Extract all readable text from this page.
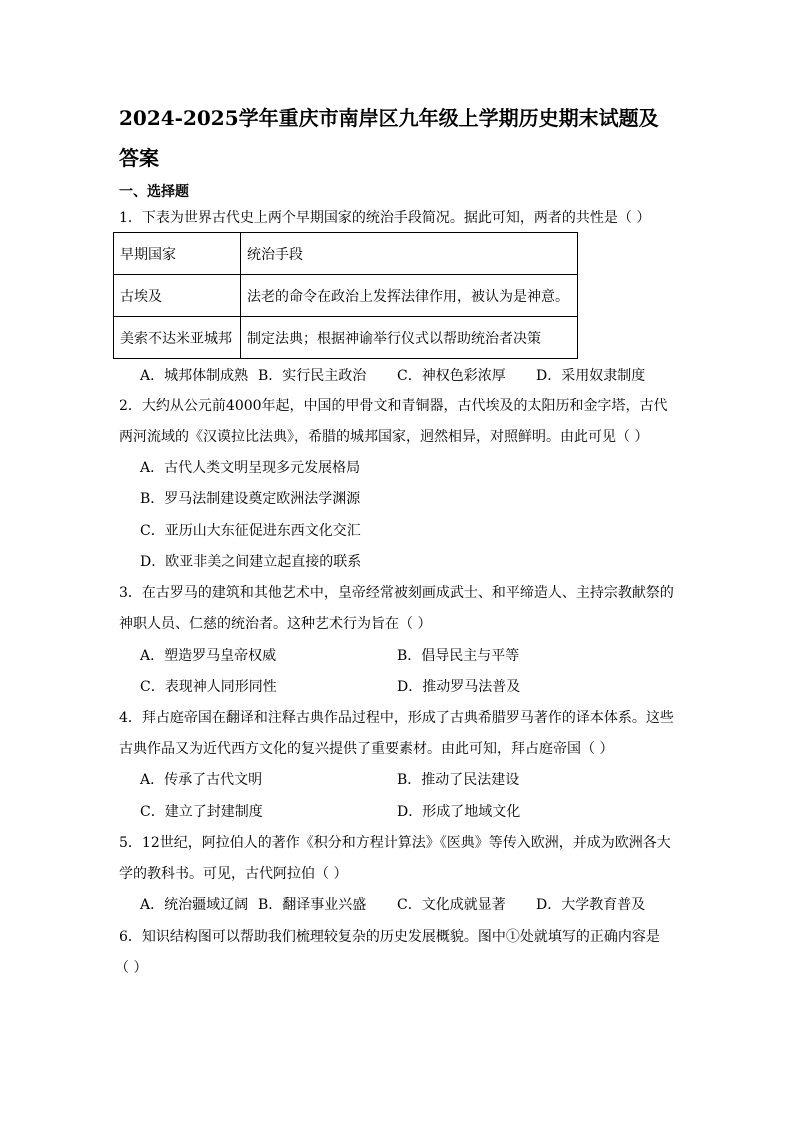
2024-2025学年重庆市南岸区九年级上学期历史期末试题及
答案
一、选择题
1．下表为世界古代史上两个早期国家的统治手段简况。据此可知，两者的共性是（ ）
早期国家	统治手段
古埃及	法老的命令在政治上发挥法律作用，被认为是神意。
美索不达米亚城邦	制定法典；根据神谕举行仪式以帮助统治者决策
A．城邦体制成熟 B．实行民主政治 C．神权色彩浓厚 D．采用奴隶制度
2．大约从公元前4000年起，中国的甲骨文和青铜器，古代埃及的太阳历和金字塔，古代
两河流域的《汉谟拉比法典》，希腊的城邦国家，迥然相异，对照鲜明。由此可见（ ）
A．古代人类文明呈现多元发展格局
B．罗马法制建设奠定欧洲法学渊源
C．亚历山大东征促进东西文化交汇
D．欧亚非美之间建立起直接的联系
3．在古罗马的建筑和其他艺术中，皇帝经常被刻画成武士、和平缔造人、主持宗教献祭的
神职人员、仁慈的统治者。这种艺术行为旨在（ ）
A．塑造罗马皇帝权威	B．倡导民主与平等
C．表现神人同形同性	D．推动罗马法普及
4．拜占庭帝国在翻译和注释古典作品过程中，形成了古典希腊罗马著作的译本体系。这些
古典作品又为近代西方文化的复兴提供了重要素材。由此可知，拜占庭帝国（ ）
A．传承了古代文明	B．推动了民法建设
C．建立了封建制度	D．形成了地域文化
5．12世纪，阿拉伯人的著作《积分和方程计算法》《医典》等传入欧洲，并成为欧洲各大
学的教科书。可见，古代阿拉伯（ ）
A．统治疆域辽阔 B．翻译事业兴盛 C．文化成就显著 D．大学教育普及
6．知识结构图可以帮助我们梳理较复杂的历史发展概貌。图中①处就填写的正确内容是
（ ）
